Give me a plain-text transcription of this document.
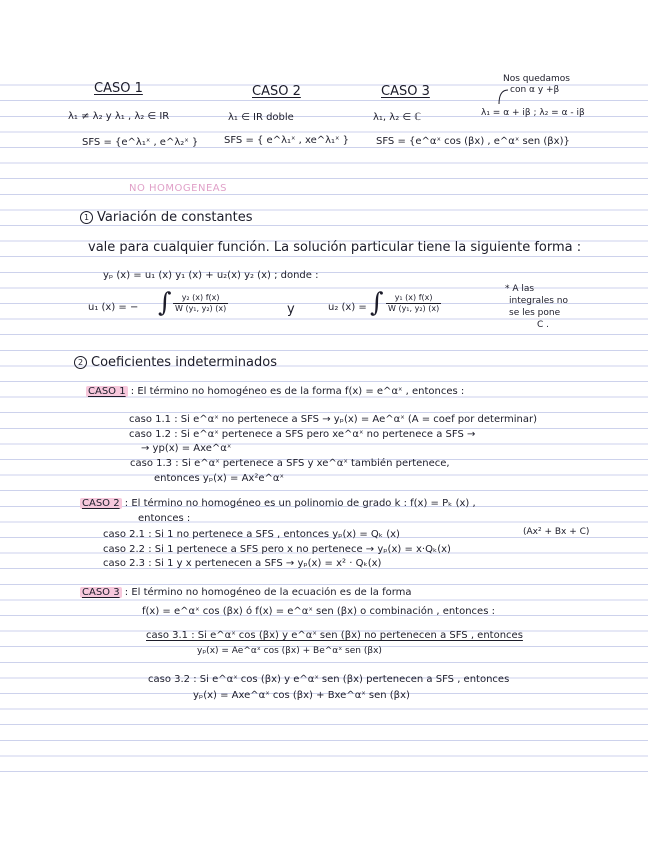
CASO 1	CASO 2	CASO 3
Nos quedamos
con α y +β
λ₁ ≠ λ₂ y λ₁ , λ₂ ∈ IR	λ₁ ∈ IR doble	λ₁, λ₂ ∈ ℂ	λ₁ = α + iβ ; λ₂ = α - iβ
SFS = {e^λ₁ˣ , e^λ₂ˣ }	SFS = { e^λ₁ˣ , xe^λ₁ˣ }	SFS = {e^αˣ cos (βx) , e^αˣ sen (βx)}
NO HOMOGENEAS
1 Variación de constantes
vale para cualquier función. La solución particular tiene la siguiente forma :
yₚ (x) = u₁ (x) y₁ (x) + u₂(x) y₂ (x) ; donde :
u₁ (x) = − ∫ $\frac{\text{y₂ (x) f(x)}}{\text{W (y₁, y₂) (x)}}$	y	u₂ (x) = ∫ $\frac{\text{y₁ (x) f(x)}}{\text{W (y₁, y₂) (x)}}$
* A las
integrales no
se les pone
C .
2 Coeficientes indeterminados
CASO 1 : El término no homogéneo es de la forma f(x) = e^αˣ , entonces :
caso 1.1 : Si e^αˣ no pertenece a SFS → yₚ(x) = Ae^αˣ (A = coef por determinar)
caso 1.2 : Si e^αˣ pertenece a SFS pero xe^αˣ no pertenece a SFS →
→ yp(x) = Axe^αˣ
caso 1.3 : Si e^αˣ pertenece a SFS y xe^αˣ también pertenece,
entonces yₚ(x) = Ax²e^αˣ
CASO 2 : El término no homogéneo es un polinomio de grado k : f(x) = Pₖ (x) ,
entonces :
caso 2.1 : Si 1 no pertenece a SFS , entonces yₚ(x) = Qₖ (x)	(Ax² + Bx + C)
caso 2.2 : Si 1 pertenece a SFS pero x no pertenece → yₚ(x) = x·Qₖ(x)
caso 2.3 : Si 1 y x pertenecen a SFS → yₚ(x) = x² · Qₖ(x)
CASO 3 : El término no homogéneo de la ecuación es de la forma
f(x) = e^αˣ cos (βx) ó f(x) = e^αˣ sen (βx) o combinación , entonces :
caso 3.1 : Si e^αˣ cos (βx) y e^αˣ sen (βx) no pertenecen a SFS , entonces
yₚ(x) = Ae^αˣ cos (βx) + Be^αˣ sen (βx)
caso 3.2 : Si e^αˣ cos (βx) y e^αˣ sen (βx) pertenecen a SFS , entonces
yₚ(x) = Axe^αˣ cos (βx) + Bxe^αˣ sen (βx)
